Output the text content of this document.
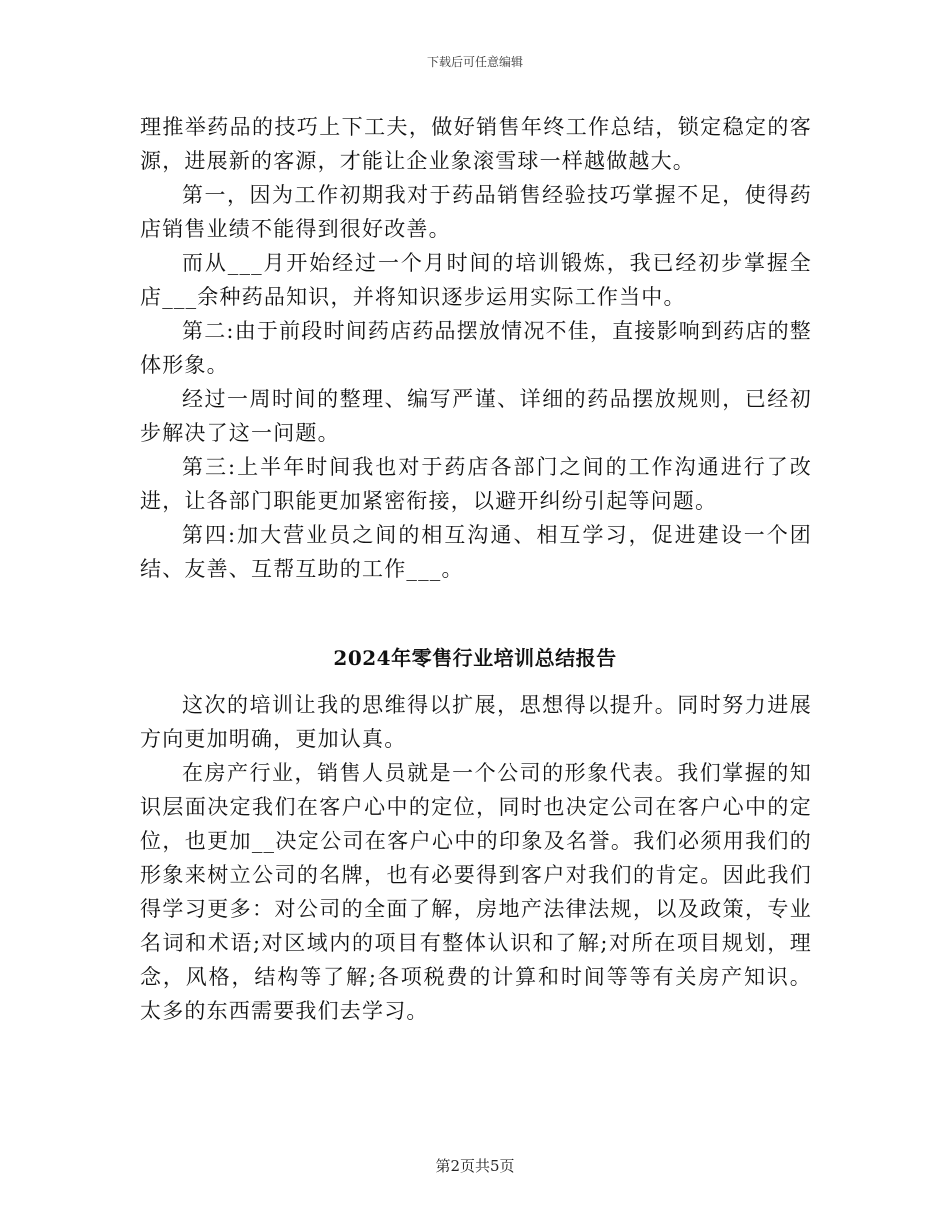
下载后可任意编辑

理推举药品的技巧上下工夫，做好销售年终工作总结，锁定稳定的客源，进展新的客源，才能让企业象滚雪球一样越做越大。

第一，因为工作初期我对于药品销售经验技巧掌握不足，使得药店销售业绩不能得到很好改善。

而从___月开始经过一个月时间的培训锻炼，我已经初步掌握全店___余种药品知识，并将知识逐步运用实际工作当中。

第二:由于前段时间药店药品摆放情况不佳，直接影响到药店的整体形象。

经过一周时间的整理、编写严谨、详细的药品摆放规则，已经初步解决了这一问题。

第三:上半年时间我也对于药店各部门之间的工作沟通进行了改进，让各部门职能更加紧密衔接，以避开纠纷引起等问题。

第四:加大营业员之间的相互沟通、相互学习，促进建设一个团结、友善、互帮互助的工作___。

2024年零售行业培训总结报告

这次的培训让我的思维得以扩展，思想得以提升。同时努力进展方向更加明确，更加认真。

在房产行业，销售人员就是一个公司的形象代表。我们掌握的知识层面决定我们在客户心中的定位，同时也决定公司在客户心中的定位，也更加__决定公司在客户心中的印象及名誉。我们必须用我们的形象来树立公司的名牌，也有必要得到客户对我们的肯定。因此我们得学习更多：对公司的全面了解，房地产法律法规，以及政策，专业名词和术语;对区域内的项目有整体认识和了解;对所在项目规划，理念，风格，结构等了解;各项税费的计算和时间等等有关房产知识。太多的东西需要我们去学习。

第2页共5页
